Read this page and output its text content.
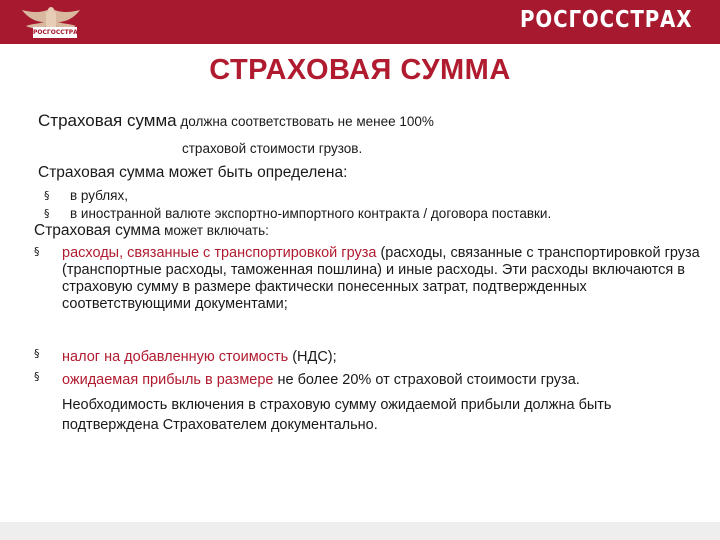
РОСГОССТРАХ	РОСГОССТРАХ
СТРАХОВАЯ СУММА
Страховая сумма должна соответствовать не менее 100%
страховой стоимости грузов.
Страховая сумма может быть определена:
§ в рублях,
§ в иностранной валюте экспортно-импортного контракта / договора поставки.
Страховая сумма может включать:
§
§
§

расходы, связанные с транспортировкой груза (расходы, связанные с транспортировкой груза (транспортные расходы, таможенная пошлина) и иные расходы. Эти расходы включаются в страховую сумму в размере фактически понесенных затрат, подтвержденных соответствующими документами;

налог на добавленную стоимость (НДС);

ожидаемая прибыль в размере не более 20% от страховой стоимости груза.

Необходимость включения в страховую сумму ожидаемой прибыли должна быть подтверждена Страхователем документально.
